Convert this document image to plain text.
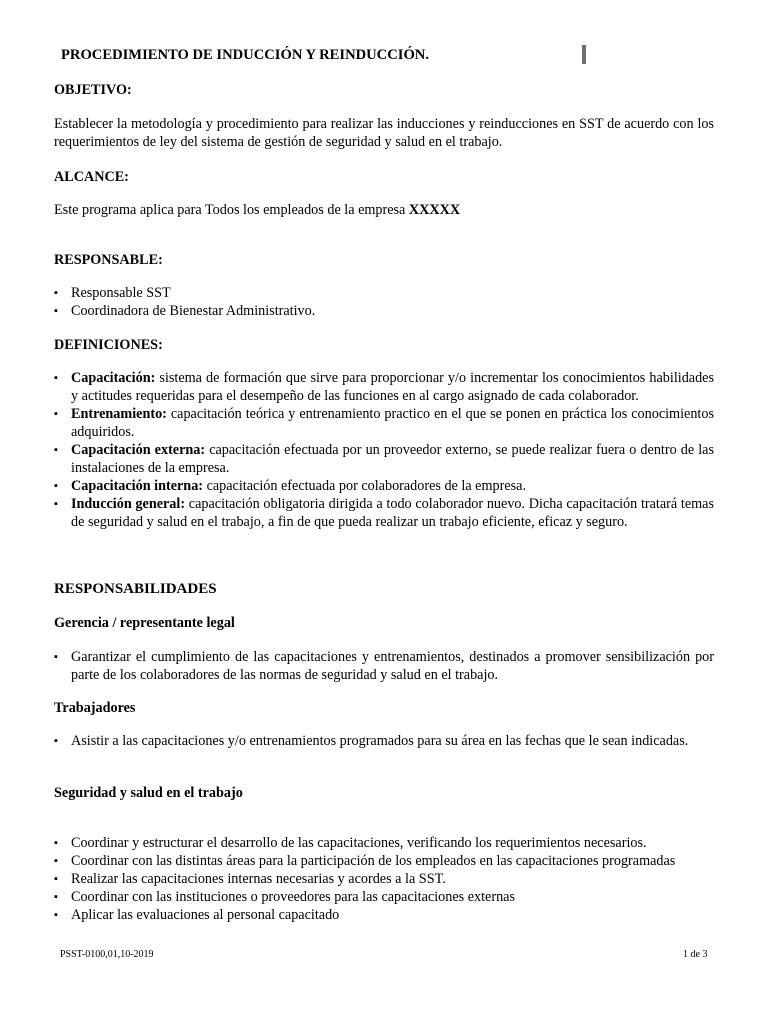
PROCEDIMIENTO DE INDUCCIÓN Y REINDUCCIÓN.
OBJETIVO:
Establecer la metodología y procedimiento para realizar las inducciones y reinducciones en SST de acuerdo con los requerimientos de ley del sistema de gestión de seguridad y salud en el trabajo.
ALCANCE:
Este programa aplica para Todos los empleados de la empresa XXXXX
RESPONSABLE:
▪ Responsable SST
▪ Coordinadora de Bienestar Administrativo.
DEFINICIONES:
▪ Capacitación: sistema de formación que sirve para proporcionar y/o incrementar los conocimientos habilidades y actitudes requeridas para el desempeño de las funciones en al cargo asignado de cada colaborador.
▪ Entrenamiento: capacitación teórica y entrenamiento practico en el que se ponen en práctica los conocimientos adquiridos.
▪ Capacitación externa: capacitación efectuada por un proveedor externo, se puede realizar fuera o dentro de las instalaciones de la empresa.
▪ Capacitación interna: capacitación efectuada por colaboradores de la empresa.
▪ Inducción general: capacitación obligatoria dirigida a todo colaborador nuevo. Dicha capacitación tratará temas de seguridad y salud en el trabajo, a fin de que pueda realizar un trabajo eficiente, eficaz y seguro.
RESPONSABILIDADES
Gerencia / representante legal
▪ Garantizar el cumplimiento de las capacitaciones y entrenamientos, destinados a promover sensibilización por parte de los colaboradores de las normas de seguridad y salud en el trabajo.
Trabajadores
▪ Asistir a las capacitaciones y/o entrenamientos programados para su área en las fechas que le sean indicadas.
Seguridad y salud en el trabajo
▪ Coordinar y estructurar el desarrollo de las capacitaciones, verificando los requerimientos necesarios.
▪ Coordinar con las distintas áreas para la participación de los empleados en las capacitaciones programadas
▪ Realizar las capacitaciones internas necesarias y acordes a la SST.
▪ Coordinar con las instituciones o proveedores para las capacitaciones externas
▪ Aplicar las evaluaciones al personal capacitado
PSST-0100,01,10-2019	1 de 3
